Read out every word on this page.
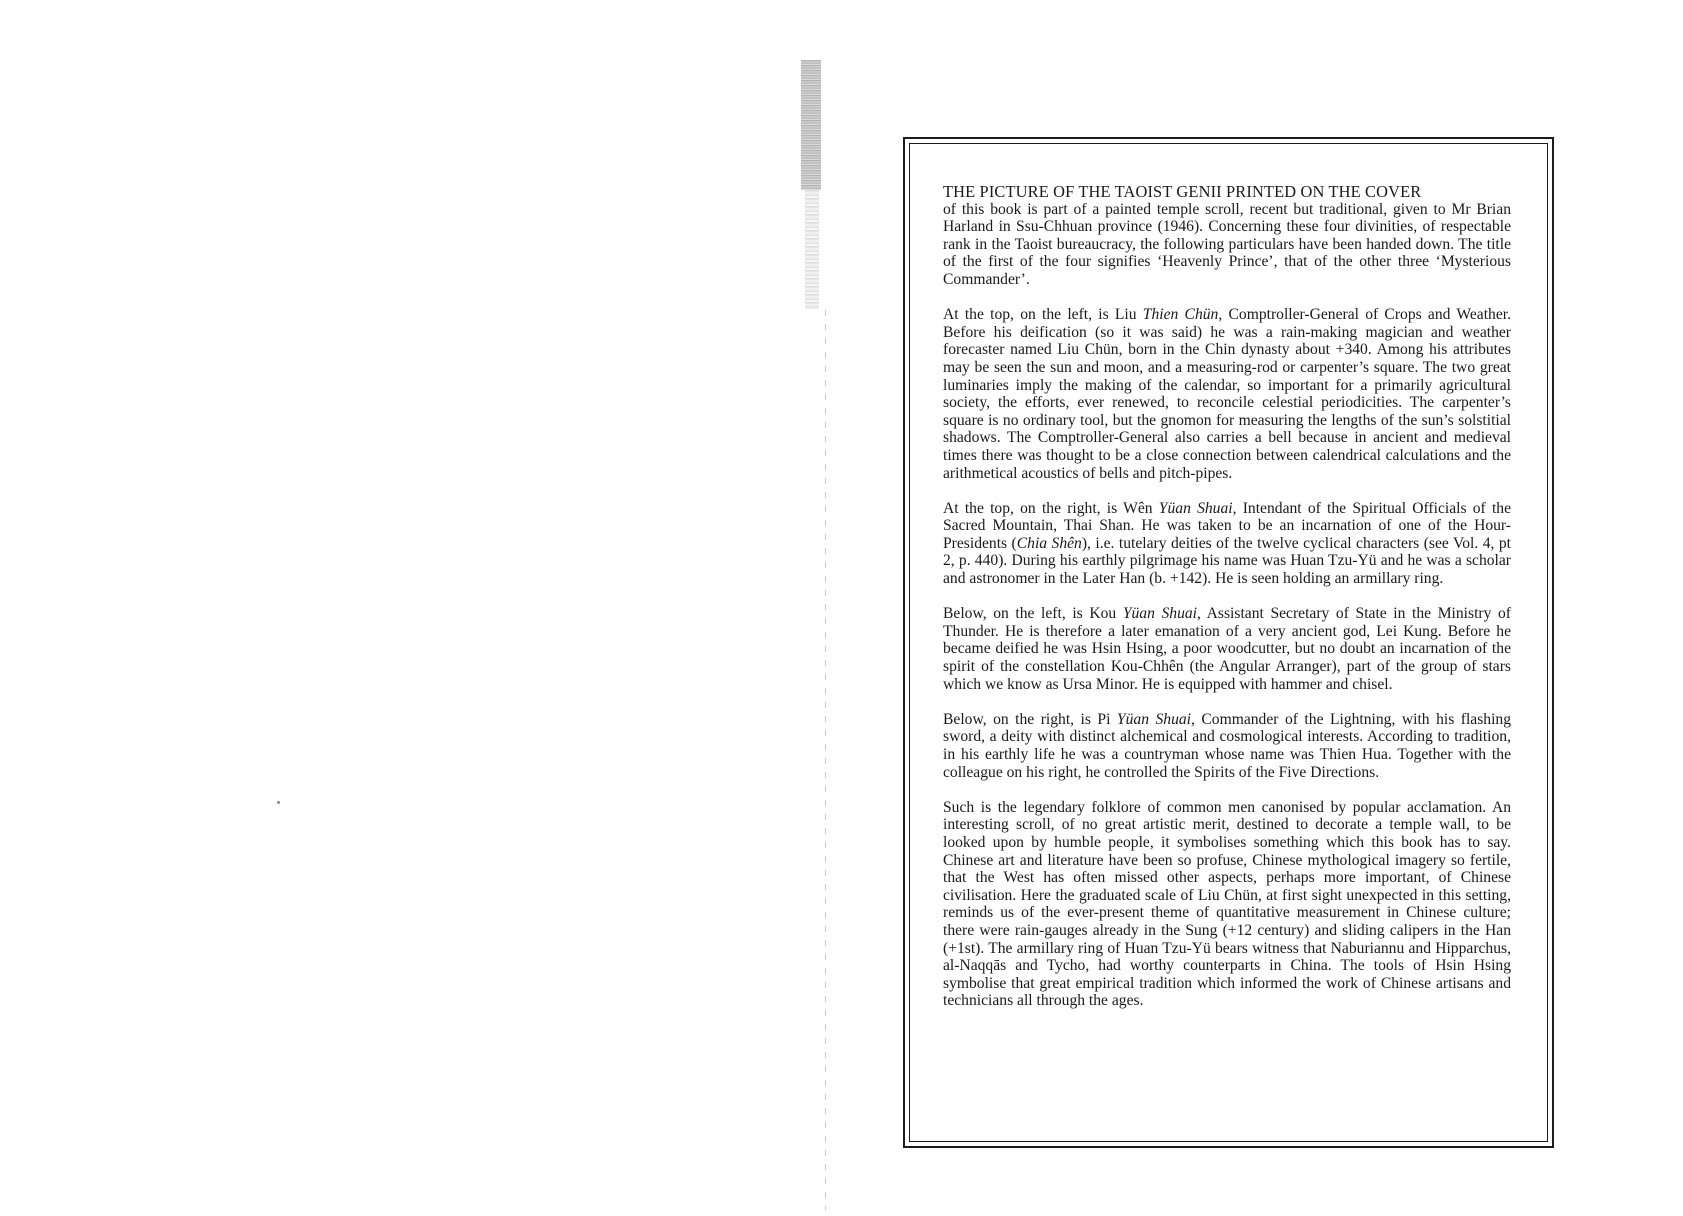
THE PICTURE OF THE TAOIST GENII PRINTED ON THE COVER

of this book is part of a painted temple scroll, recent but traditional, given to Mr Brian Harland in Ssu-Chhuan province (1946). Concerning these four divinities, of respectable rank in the Taoist bureaucracy, the following particulars have been handed down. The title of the first of the four signifies ‘Heavenly Prince’, that of the other three ‘Mysterious Commander’.

At the top, on the left, is Liu Thien Chün, Comptroller-General of Crops and Weather. Before his deification (so it was said) he was a rain-making magician and weather forecaster named Liu Chün, born in the Chin dynasty about +340. Among his attributes may be seen the sun and moon, and a measuring-rod or carpenter’s square. The two great luminaries imply the making of the calendar, so important for a primarily agricultural society, the efforts, ever renewed, to reconcile celestial periodicities. The carpenter’s square is no ordinary tool, but the gnomon for measuring the lengths of the sun’s solstitial shadows. The Comptroller-General also carries a bell because in ancient and medieval times there was thought to be a close connection between calendrical calculations and the arithmetical acoustics of bells and pitch-pipes.

At the top, on the right, is Wên Yüan Shuai, Intendant of the Spiritual Officials of the Sacred Mountain, Thai Shan. He was taken to be an incarnation of one of the Hour-Presidents (Chia Shên), i.e. tutelary deities of the twelve cyclical characters (see Vol. 4, pt 2, p. 440). During his earthly pilgrimage his name was Huan Tzu-Yü and he was a scholar and astronomer in the Later Han (b. +142). He is seen holding an armillary ring.

Below, on the left, is Kou Yüan Shuai, Assistant Secretary of State in the Ministry of Thunder. He is therefore a later emanation of a very ancient god, Lei Kung. Before he became deified he was Hsin Hsing, a poor woodcutter, but no doubt an incarnation of the spirit of the constellation Kou-Chhên (the Angular Arranger), part of the group of stars which we know as Ursa Minor. He is equipped with hammer and chisel.

Below, on the right, is Pi Yüan Shuai, Commander of the Lightning, with his flashing sword, a deity with distinct alchemical and cosmological interests. According to tradition, in his earthly life he was a countryman whose name was Thien Hua. Together with the colleague on his right, he controlled the Spirits of the Five Directions.

Such is the legendary folklore of common men canonised by popular acclamation. An interesting scroll, of no great artistic merit, destined to decorate a temple wall, to be looked upon by humble people, it symbolises something which this book has to say. Chinese art and literature have been so profuse, Chinese mythological imagery so fertile, that the West has often missed other aspects, perhaps more important, of Chinese civilisation. Here the graduated scale of Liu Chün, at first sight unexpected in this setting, reminds us of the ever-present theme of quantitative measurement in Chinese culture; there were rain-gauges already in the Sung (+12 century) and sliding calipers in the Han (+1st). The armillary ring of Huan Tzu-Yü bears witness that Naburiannu and Hipparchus, al-Naqqās and Tycho, had worthy counterparts in China. The tools of Hsin Hsing symbolise that great empirical tradition which informed the work of Chinese artisans and technicians all through the ages.
